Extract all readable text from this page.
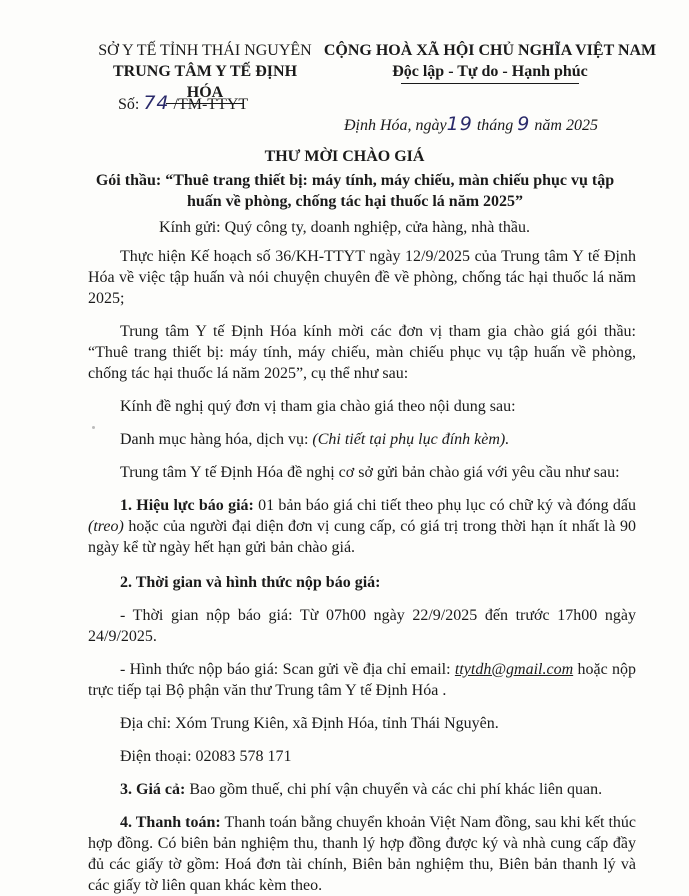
SỞ Y TẾ TỈNH THÁI NGUYÊN
TRUNG TÂM Y TẾ ĐỊNH HÓA
CỘNG HOÀ XÃ HỘI CHỦ NGHĨA VIỆT NAM
Độc lập - Tự do - Hạnh phúc
Số: 74 /TM-TTYT
Định Hóa, ngày19 tháng 9 năm 2025
THƯ MỜI CHÀO GIÁ
Gói thầu: “Thuê trang thiết bị: máy tính, máy chiếu, màn chiếu phục vụ tập huấn về phòng, chống tác hại thuốc lá năm 2025”
Kính gửi: Quý công ty, doanh nghiệp, cửa hàng, nhà thầu.

Thực hiện Kế hoạch số 36/KH-TTYT ngày 12/9/2025 của Trung tâm Y tế Định Hóa về việc tập huấn và nói chuyện chuyên đề về phòng, chống tác hại thuốc lá năm 2025;

Trung tâm Y tế Định Hóa kính mời các đơn vị tham gia chào giá gói thầu: “Thuê trang thiết bị: máy tính, máy chiếu, màn chiếu phục vụ tập huấn về phòng, chống tác hại thuốc lá năm 2025”, cụ thể như sau:

Kính đề nghị quý đơn vị tham gia chào giá theo nội dung sau:

Danh mục hàng hóa, dịch vụ: (Chi tiết tại phụ lục đính kèm).

Trung tâm Y tế Định Hóa đề nghị cơ sở gửi bản chào giá với yêu cầu như sau:

1. Hiệu lực báo giá: 01 bản báo giá chi tiết theo phụ lục có chữ ký và đóng dấu (treo) hoặc của người đại diện đơn vị cung cấp, có giá trị trong thời hạn ít nhất là 90 ngày kể từ ngày hết hạn gửi bản chào giá.

2. Thời gian và hình thức nộp báo giá:

- Thời gian nộp báo giá: Từ 07h00 ngày 22/9/2025 đến trước 17h00 ngày 24/9/2025.

- Hình thức nộp báo giá: Scan gửi về địa chỉ email: ttytdh@gmail.com hoặc nộp trực tiếp tại Bộ phận văn thư Trung tâm Y tế Định Hóa .

Địa chỉ: Xóm Trung Kiên, xã Định Hóa, tỉnh Thái Nguyên.

Điện thoại: 02083 578 171

3. Giá cả: Bao gồm thuế, chi phí vận chuyển và các chi phí khác liên quan.

4. Thanh toán: Thanh toán bằng chuyển khoản Việt Nam đồng, sau khi kết thúc hợp đồng. Có biên bản nghiệm thu, thanh lý hợp đồng được ký và nhà cung cấp đầy đủ các giấy tờ gồm: Hoá đơn tài chính, Biên bản nghiệm thu, Biên bản thanh lý và các giấy tờ liên quan khác kèm theo.
